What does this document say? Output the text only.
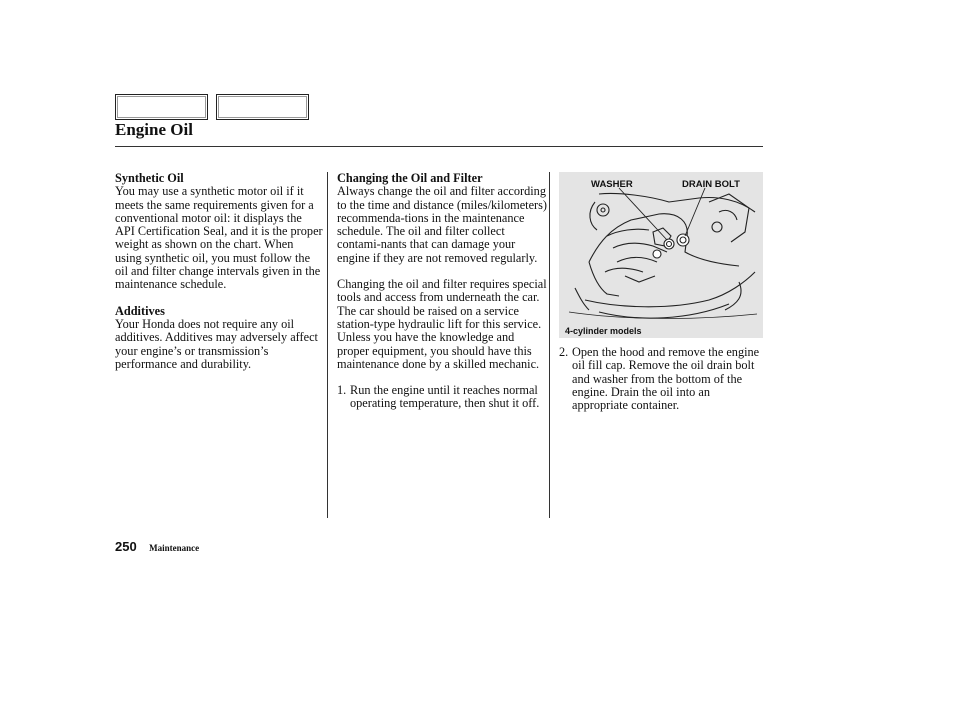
Engine Oil
Synthetic Oil

You may use a synthetic motor oil if it meets the same requirements given for a conventional motor oil: it displays the API Certification Seal, and it is the proper weight as shown on the chart. When using synthetic oil, you must follow the oil and filter change intervals given in the maintenance schedule.

Additives

Your Honda does not require any oil additives. Additives may adversely affect your engine’s or transmission’s performance and durability.

Changing the Oil and Filter

Always change the oil and filter according to the time and distance (miles/kilometers) recommenda-tions in the maintenance schedule. The oil and filter collect contami-nants that can damage your engine if they are not removed regularly.

Changing the oil and filter requires special tools and access from underneath the car. The car should be raised on a service station-type hydraulic lift for this service. Unless you have the knowledge and proper equipment, you should have this maintenance done by a skilled mechanic.

1. Run the engine until it reaches normal operating temperature, then shut it off.
WASHER	DRAIN BOLT
4-cylinder models
2. Open the hood and remove the engine oil fill cap. Remove the oil drain bolt and washer from the bottom of the engine. Drain the oil into an appropriate container.
250 Maintenance
